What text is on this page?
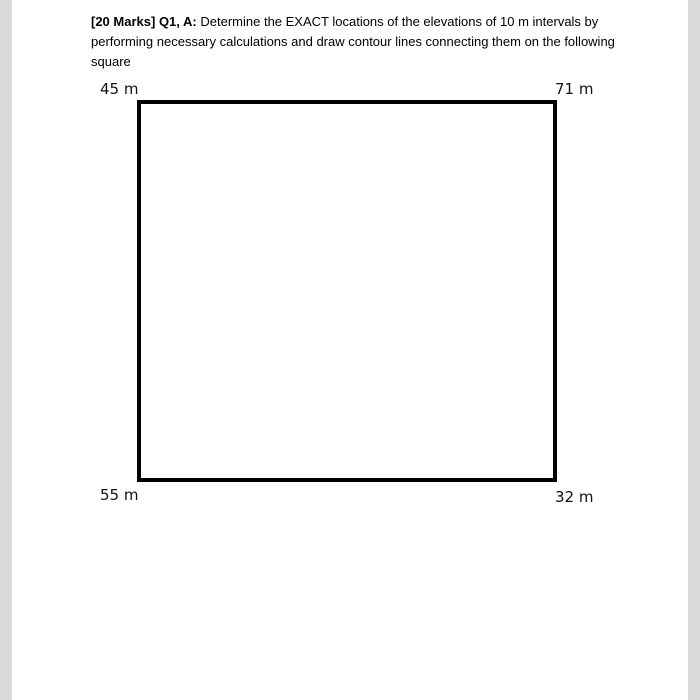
[20 Marks] Q1, A: Determine the EXACT locations of the elevations of 10 m intervals by performing necessary calculations and draw contour lines connecting them on the following square

45 m	71 m
55 m	32 m
